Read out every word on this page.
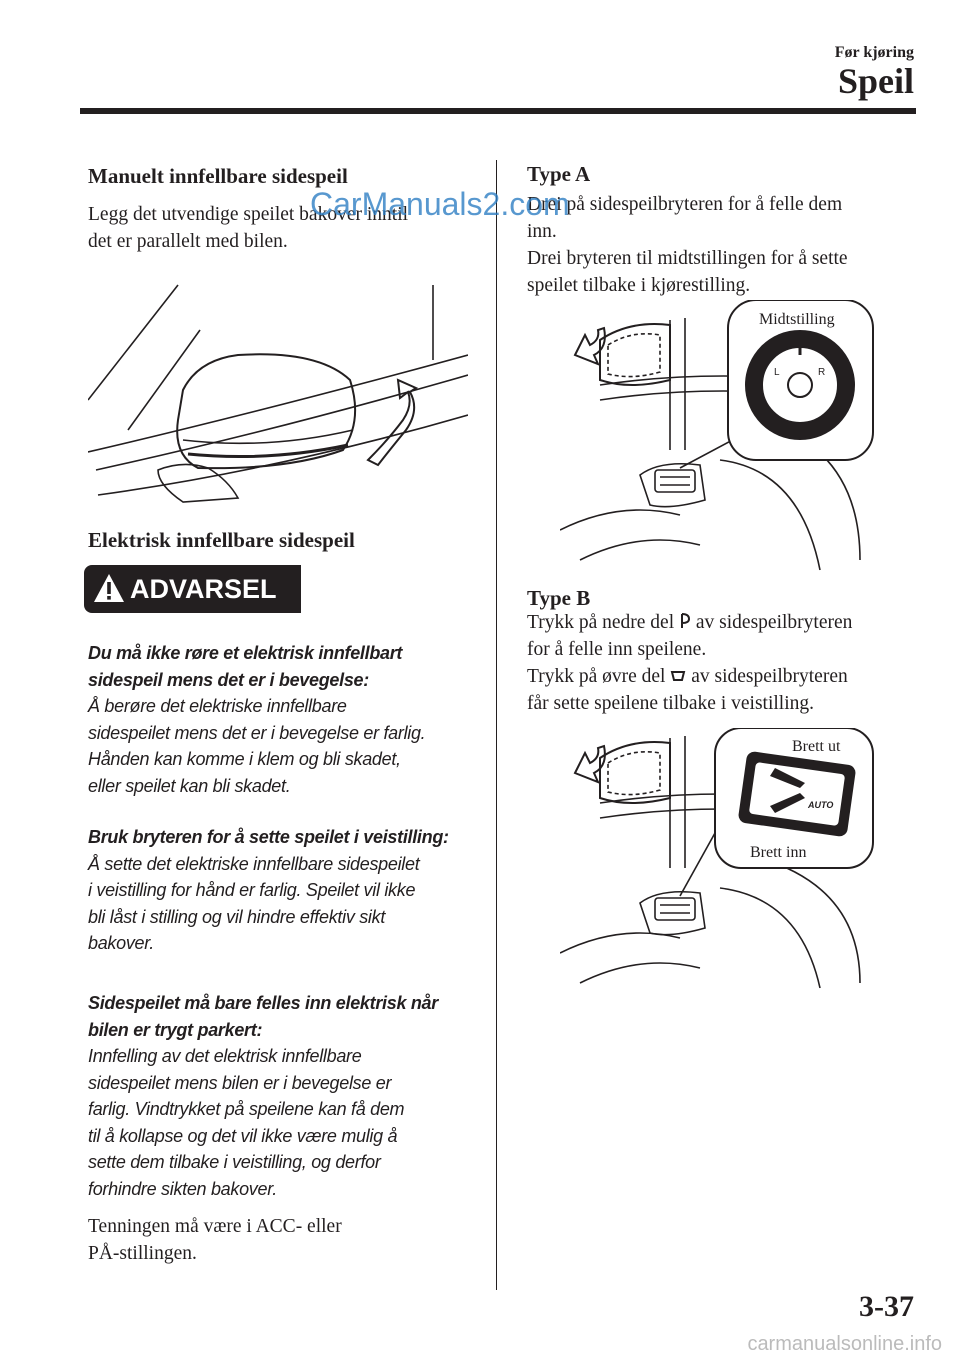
Før kjøring
Speil
Manuelt innfellbare sidespeil
Legg det utvendige speilet bakover inntil
det er parallelt med bilen.
Elektrisk innfellbare sidespeil
ADVARSEL
Du må ikke røre et elektrisk innfellbart
sidespeil mens det er i bevegelse:
Å berøre det elektriske innfellbare
sidespeilet mens det er i bevegelse er farlig.
Hånden kan komme i klem og bli skadet,
eller speilet kan bli skadet.
Bruk bryteren for å sette speilet i veistilling:
Å sette det elektriske innfellbare sidespeilet
i veistilling for hånd er farlig. Speilet vil ikke
bli låst i stilling og vil hindre effektiv sikt
bakover.
Sidespeilet må bare felles inn elektrisk når
bilen er trygt parkert:
Innfelling av det elektrisk innfellbare
sidespeilet mens bilen er i bevegelse er
farlig. Vindtrykket på speilene kan få dem
til å kollapse og det vil ikke være mulig å
sette dem tilbake i veistilling, og derfor
forhindre sikten bakover.
Tenningen må være i ACC- eller
PÅ-stillingen.
Type A
Drei på sidespeilbryteren for å felle dem
inn.
Drei bryteren til midtstillingen for å sette
speilet tilbake i kjørestilling.
L	R
Midtstilling
Type B
Trykk på nedre del av sidespeilbryteren
for å felle inn speilene.
Trykk på øvre del av sidespeilbryteren
får sette speilene tilbake i veistilling.
AUTO
Brett ut
Brett inn
CarManuals2.com
3-37
carmanualsonline.info
